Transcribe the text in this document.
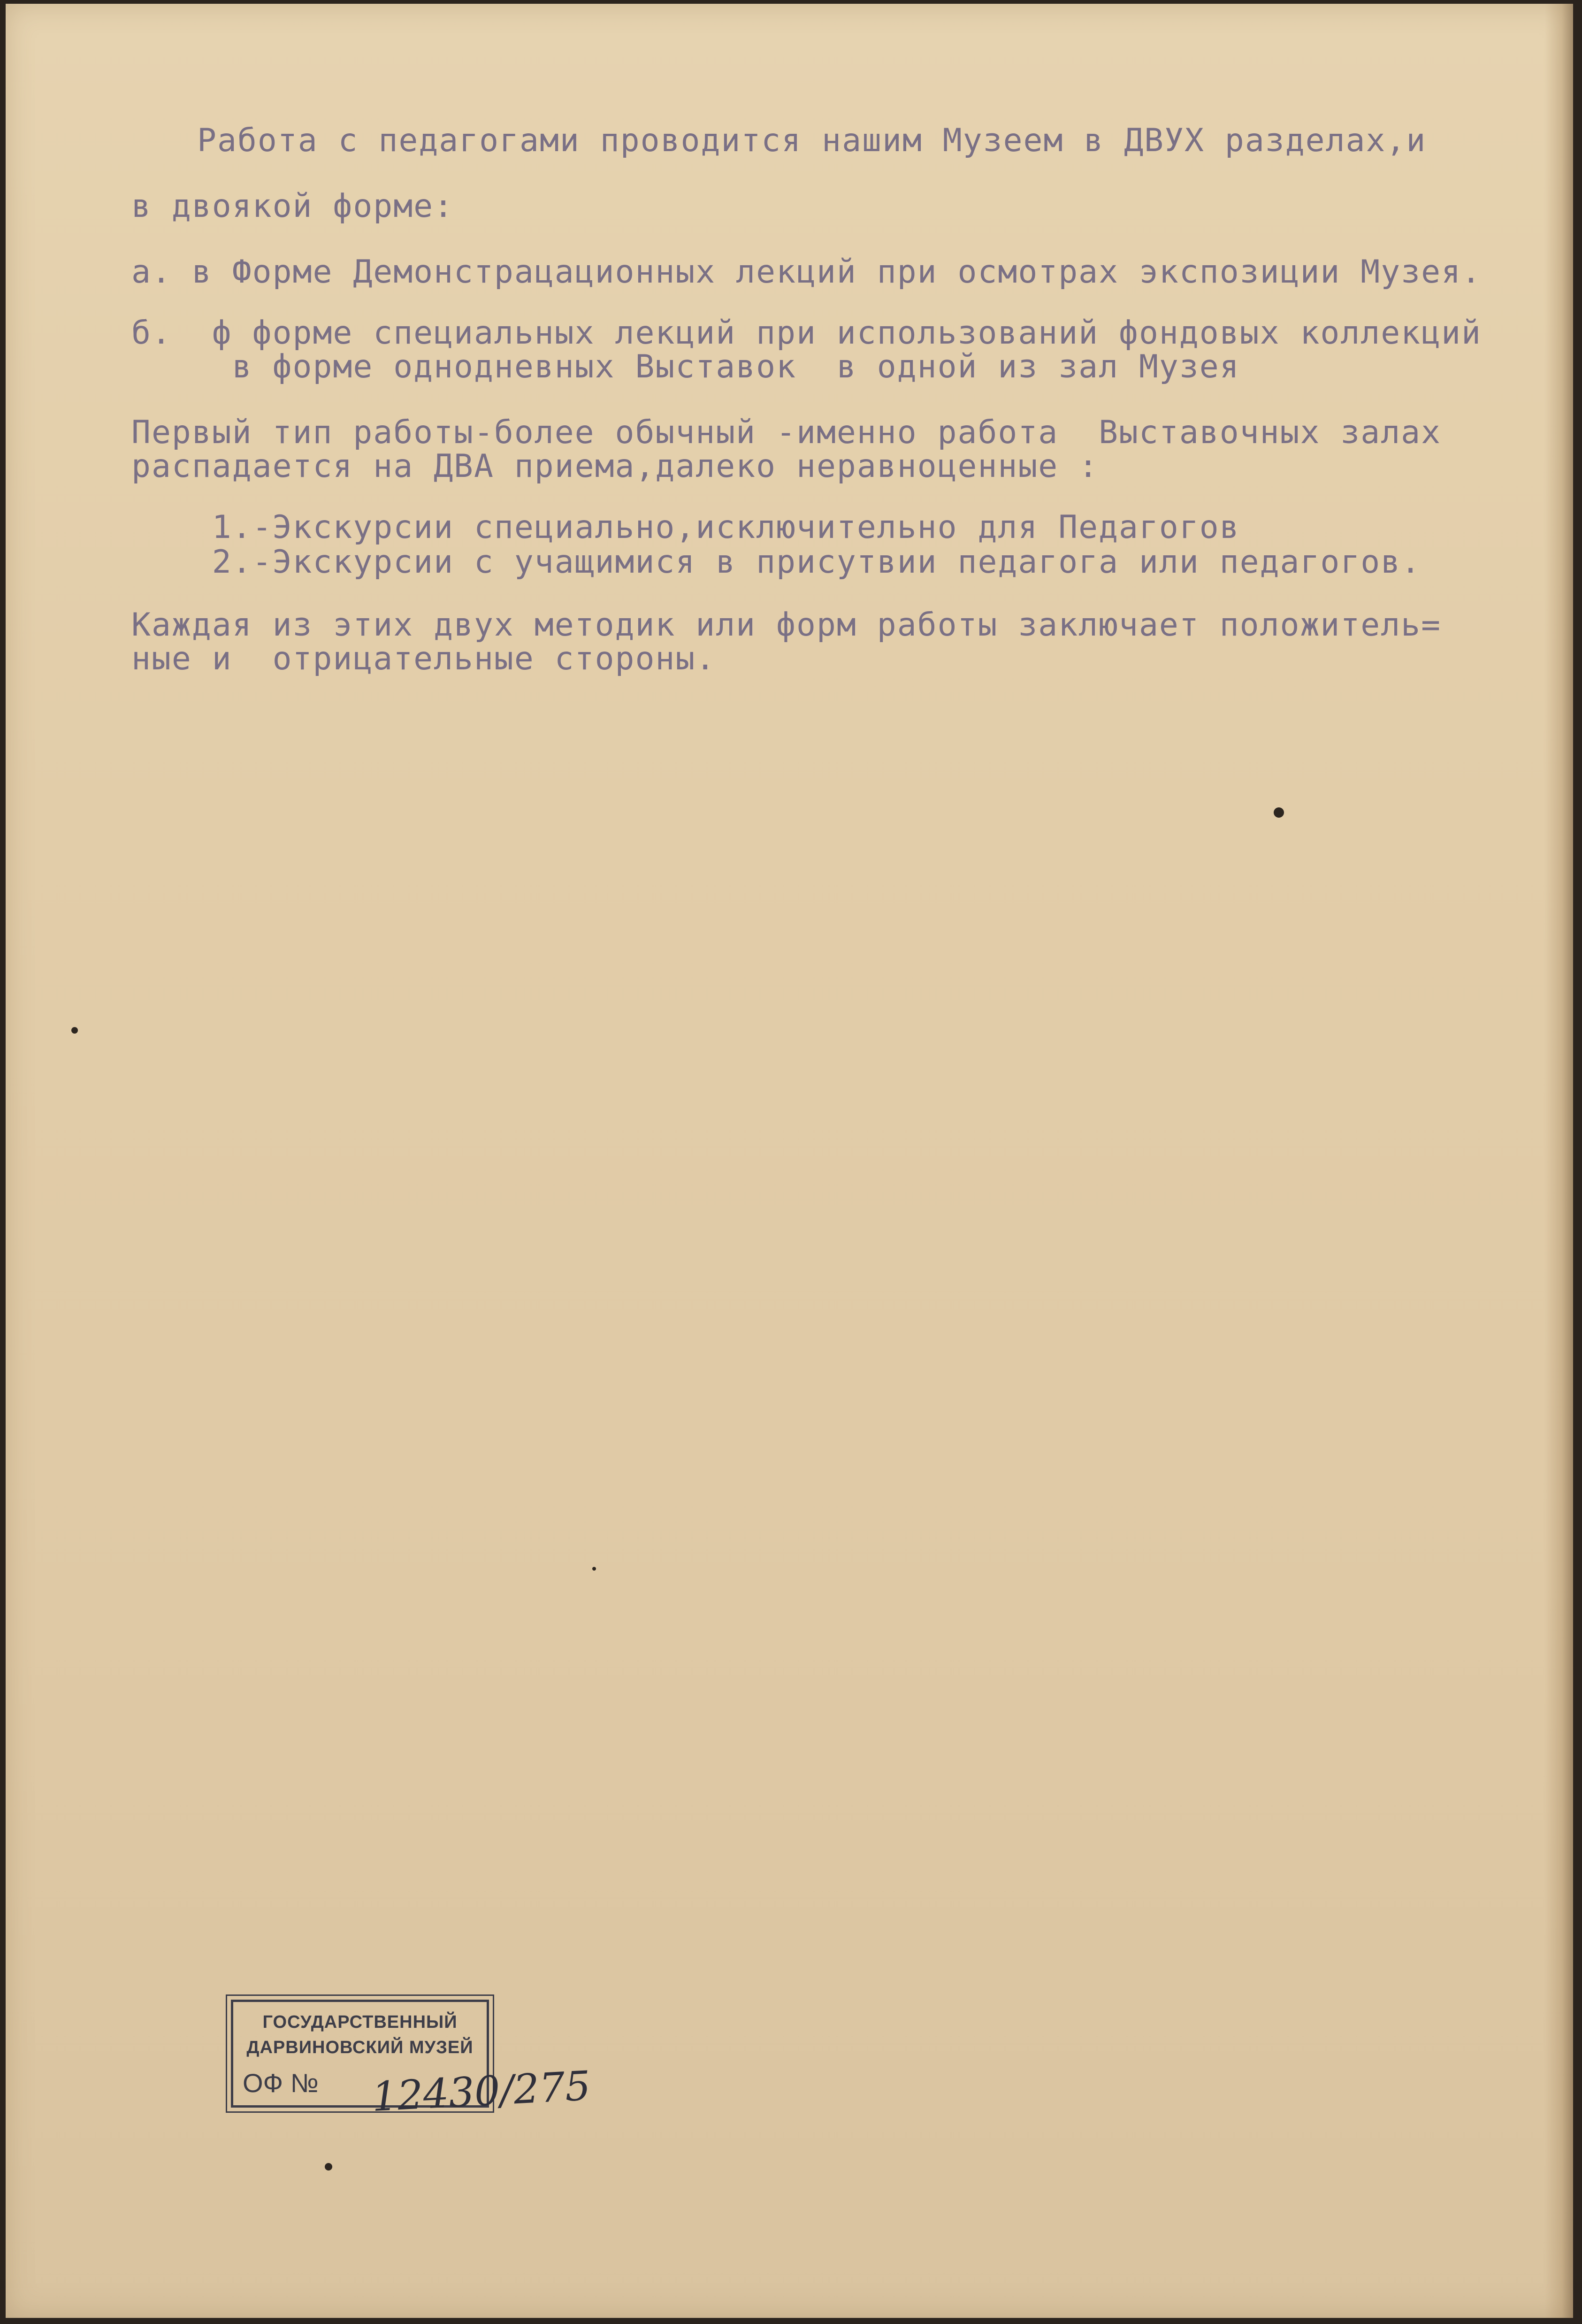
Работа с педагогами проводится нашим Музеем в ДВУХ разделах,и
в двоякой форме:
а. в Форме Демонстрацационных лекций при осмотрах экспозиции Музея.
б.  ф форме специальных лекций при использований фондовых коллекций
в форме однодневных Выставок  в одной из зал Музея
Первый тип работы-более обычный -именно работа  Выставочных залах
распадается на ДВА приема,далеко неравноценные :
1.-Экскурсии специально,исключительно для Педагогов
2.-Экскурсии с учащимися в приcутвии педагога или педагогов.
Каждая из этих двух методик или форм работы заключает положитель=
ные и  отрицательные стороны.
ГОСУДАРСТВЕННЫЙ
ДАРВИНОВСКИЙ МУЗЕЙ
ОФ № 12430/275
